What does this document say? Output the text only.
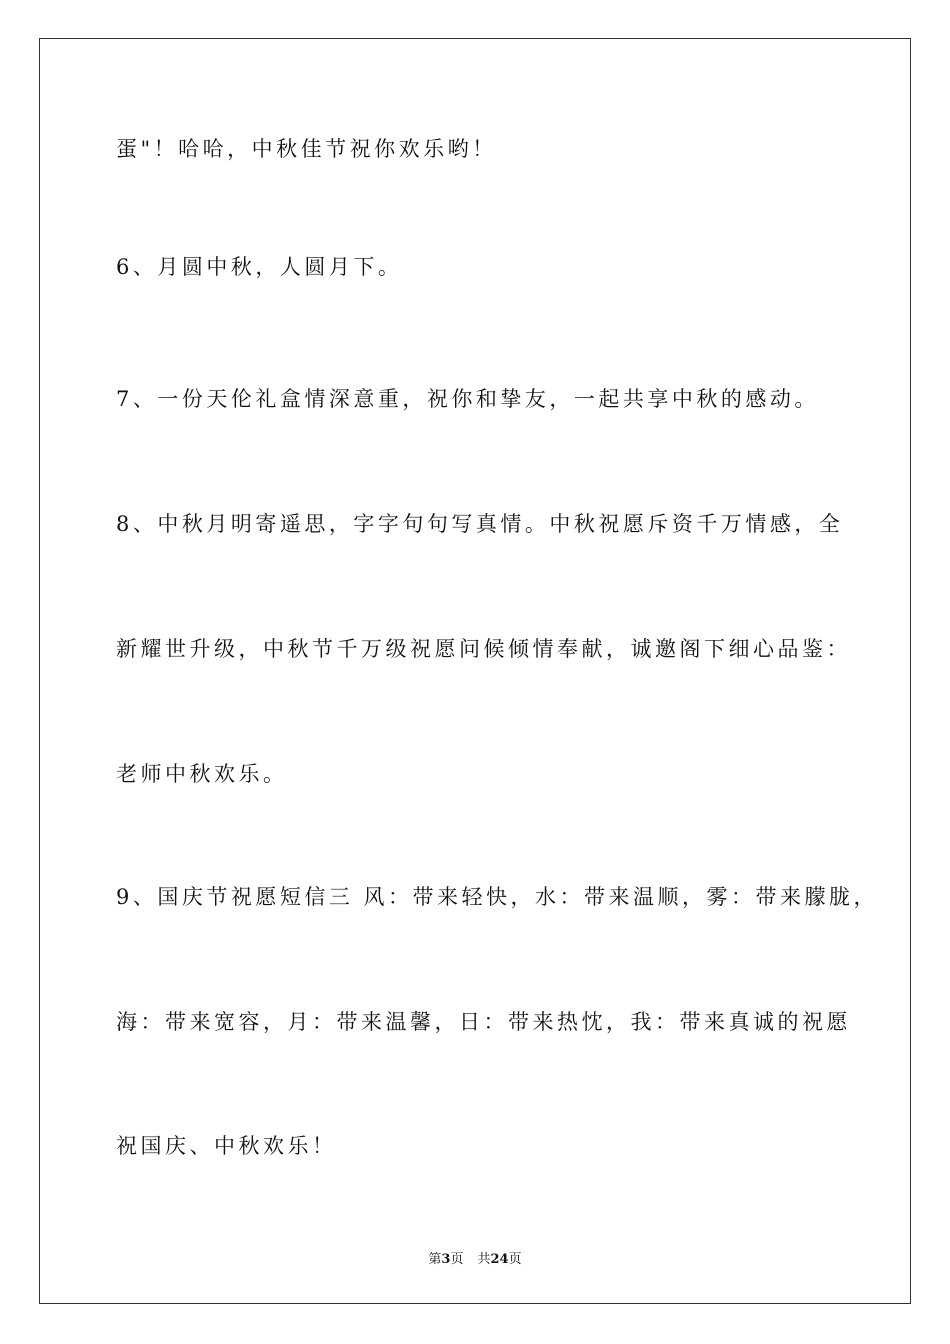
蛋"！哈哈，中秋佳节祝你欢乐哟！
6、月圆中秋，人圆月下。
7、一份天伦礼盒情深意重，祝你和挚友，一起共享中秋的感动。
8、中秋月明寄遥思，字字句句写真情。中秋祝愿斥资千万情感，全
新耀世升级，中秋节千万级祝愿问候倾情奉献，诚邀阁下细心品鉴：
老师中秋欢乐。
9、国庆节祝愿短信三 风：带来轻快，水：带来温顺，雾：带来朦胧，
海：带来宽容，月：带来温馨，日：带来热忱，我：带来真诚的祝愿
祝国庆、中秋欢乐！
第3页 共24页
